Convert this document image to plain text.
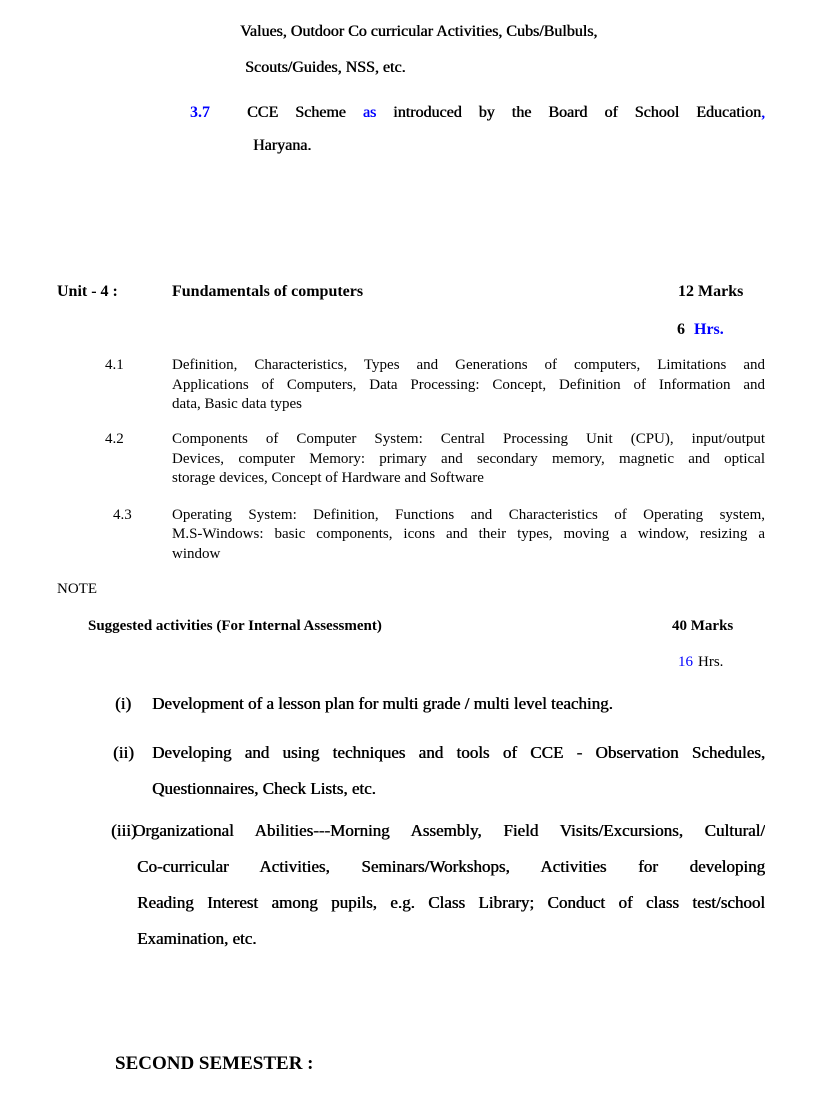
Values, Outdoor Co curricular Activities, Cubs/Bulbuls,
Scouts/Guides, NSS, etc.
3.7 CCE Scheme as introduced by the Board of School Education,
Haryana.
Unit - 4 :	Fundamentals of computers	12 Marks
6 Hrs.
4.1	Definition, Characteristics, Types and Generations of computers, Limitations and
Applications of Computers, Data Processing: Concept, Definition of Information and
data, Basic data types
4.2	Components of Computer System: Central Processing Unit (CPU), input/output
Devices, computer Memory: primary and secondary memory, magnetic and optical
storage devices, Concept of Hardware and Software
4.3	Operating System: Definition, Functions and Characteristics of Operating system,
M.S-Windows: basic components, icons and their types, moving a window, resizing a
window
NOTE
Suggested activities (For Internal Assessment)	40 Marks
16 Hrs.
(i) Development of a lesson plan for multi grade / multi level teaching.
(ii) Developing and using techniques and tools of CCE - Observation Schedules,
Questionnaires, Check Lists, etc.
(iii)
Organizational Abilities---Morning Assembly, Field Visits/Excursions, Cultural/
Co-curricular Activities, Seminars/Workshops, Activities for developing
Reading Interest among pupils, e.g. Class Library; Conduct of class test/school
Examination, etc.
SECOND SEMESTER :
